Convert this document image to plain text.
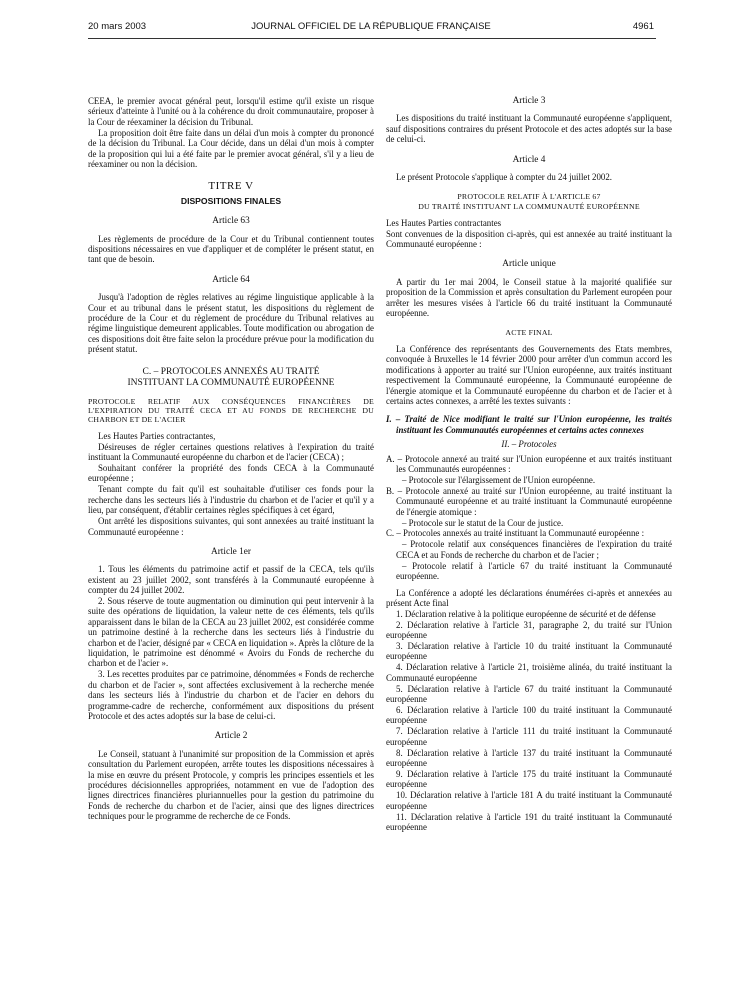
20 mars 2003	JOURNAL OFFICIEL DE LA RÉPUBLIQUE FRANÇAISE	4961

CEEA, le premier avocat général peut, lorsqu'il estime qu'il existe un risque sérieux d'atteinte à l'unité ou à la cohérence du droit communautaire, proposer à la Cour de réexaminer la décision du Tribunal.

La proposition doit être faite dans un délai d'un mois à compter du prononcé de la décision du Tribunal. La Cour décide, dans un délai d'un mois à compter de la proposition qui lui a été faite par le premier avocat général, s'il y a lieu de réexaminer ou non la décision.

TITRE V
DISPOSITIONS FINALES
Article 63

Les règlements de procédure de la Cour et du Tribunal contiennent toutes dispositions nécessaires en vue d'appliquer et de compléter le présent statut, en tant que de besoin.

Article 64

Jusqu'à l'adoption de règles relatives au régime linguistique applicable à la Cour et au tribunal dans le présent statut, les dispositions du règlement de procédure de la Cour et du règlement de procédure du Tribunal relatives au régime linguistique demeurent applicables. Toute modification ou abrogation de ces dispositions doit être faite selon la procédure prévue pour la modification du présent statut.

C. – PROTOCOLES ANNEXÉS AU TRAITÉ
INSTITUANT LA COMMUNAUTÉ EUROPÉENNE
PROTOCOLE RELATIF AUX CONSÉQUENCES FINANCIÈRES DE L'EXPIRATION DU TRAITÉ CECA ET AU FONDS DE RECHERCHE DU CHARBON ET DE L'ACIER

Les Hautes Parties contractantes,

Désireuses de régler certaines questions relatives à l'expiration du traité instituant la Communauté européenne du charbon et de l'acier (CECA) ;

Souhaitant conférer la propriété des fonds CECA à la Communauté européenne ;

Tenant compte du fait qu'il est souhaitable d'utiliser ces fonds pour la recherche dans les secteurs liés à l'industrie du charbon et de l'acier et qu'il y a lieu, par conséquent, d'établir certaines règles spécifiques à cet égard,

Ont arrêté les dispositions suivantes, qui sont annexées au traité instituant la Communauté européenne :

Article 1er

1. Tous les éléments du patrimoine actif et passif de la CECA, tels qu'ils existent au 23 juillet 2002, sont transférés à la Communauté européenne à compter du 24 juillet 2002.

2. Sous réserve de toute augmentation ou diminution qui peut intervenir à la suite des opérations de liquidation, la valeur nette de ces éléments, tels qu'ils apparaissent dans le bilan de la CECA au 23 juillet 2002, est considérée comme un patrimoine destiné à la recherche dans les secteurs liés à l'industrie du charbon et de l'acier, désigné par « CECA en liquidation ». Après la clôture de la liquidation, le patrimoine est dénommé « Avoirs du Fonds de recherche du charbon et de l'acier ».

3. Les recettes produites par ce patrimoine, dénommées « Fonds de recherche du charbon et de l'acier », sont affectées exclusivement à la recherche menée dans les secteurs liés à l'industrie du charbon et de l'acier en dehors du programme-cadre de recherche, conformément aux dispositions du présent Protocole et des actes adoptés sur la base de celui-ci.

Article 2

Le Conseil, statuant à l'unanimité sur proposition de la Commission et après consultation du Parlement européen, arrête toutes les dispositions nécessaires à la mise en œuvre du présent Protocole, y compris les principes essentiels et les procédures décisionnelles appropriées, notamment en vue de l'adoption des lignes directrices financières pluriannuelles pour la gestion du patrimoine du Fonds de recherche du charbon et de l'acier, ainsi que des lignes directrices techniques pour le programme de recherche de ce Fonds.

Article 3

Les dispositions du traité instituant la Communauté européenne s'appliquent, sauf dispositions contraires du présent Protocole et des actes adoptés sur la base de celui-ci.

Article 4

Le présent Protocole s'applique à compter du 24 juillet 2002.

PROTOCOLE RELATIF À L'ARTICLE 67
DU TRAITÉ INSTITUANT LA COMMUNAUTÉ EUROPÉENNE

Les Hautes Parties contractantes

Sont convenues de la disposition ci-après, qui est annexée au traité instituant la Communauté européenne :

Article unique

A partir du 1er mai 2004, le Conseil statue à la majorité qualifiée sur proposition de la Commission et après consultation du Parlement européen pour arrêter les mesures visées à l'article 66 du traité instituant la Communauté européenne.

ACTE FINAL

La Conférence des représentants des Gouvernements des Etats membres, convoquée à Bruxelles le 14 février 2000 pour arrêter d'un commun accord les modifications à apporter au traité sur l'Union européenne, aux traités instituant respectivement la Communauté européenne, la Communauté européenne de l'énergie atomique et la Communauté européenne du charbon et de l'acier et à certains actes connexes, a arrêté les textes suivants :

I. – Traité de Nice modifiant le traité sur l'Union européenne, les traités instituant les Communautés européennes et certains actes connexes

II. – Protocoles

A. – Protocole annexé au traité sur l'Union européenne et aux traités instituant les Communautés européennes :

– Protocole sur l'élargissement de l'Union européenne.

B. – Protocole annexé au traité sur l'Union européenne, au traité instituant la Communauté européenne et au traité instituant la Communauté européenne de l'énergie atomique :

– Protocole sur le statut de la Cour de justice.

C. – Protocoles annexés au traité instituant la Communauté européenne :

– Protocole relatif aux conséquences financières de l'expiration du traité CECA et au Fonds de recherche du charbon et de l'acier ;

– Protocole relatif à l'article 67 du traité instituant la Communauté européenne.

La Conférence a adopté les déclarations énumérées ci-après et annexées au présent Acte final

1. Déclaration relative à la politique européenne de sécurité et de défense

2. Déclaration relative à l'article 31, paragraphe 2, du traité sur l'Union européenne

3. Déclaration relative à l'article 10 du traité instituant la Communauté européenne

4. Déclaration relative à l'article 21, troisième alinéa, du traité instituant la Communauté européenne

5. Déclaration relative à l'article 67 du traité instituant la Communauté européenne

6. Déclaration relative à l'article 100 du traité instituant la Communauté européenne

7. Déclaration relative à l'article 111 du traité instituant la Communauté européenne

8. Déclaration relative à l'article 137 du traité instituant la Communauté européenne

9. Déclaration relative à l'article 175 du traité instituant la Communauté européenne

10. Déclaration relative à l'article 181 A du traité instituant la Communauté européenne

11. Déclaration relative à l'article 191 du traité instituant la Communauté européenne
